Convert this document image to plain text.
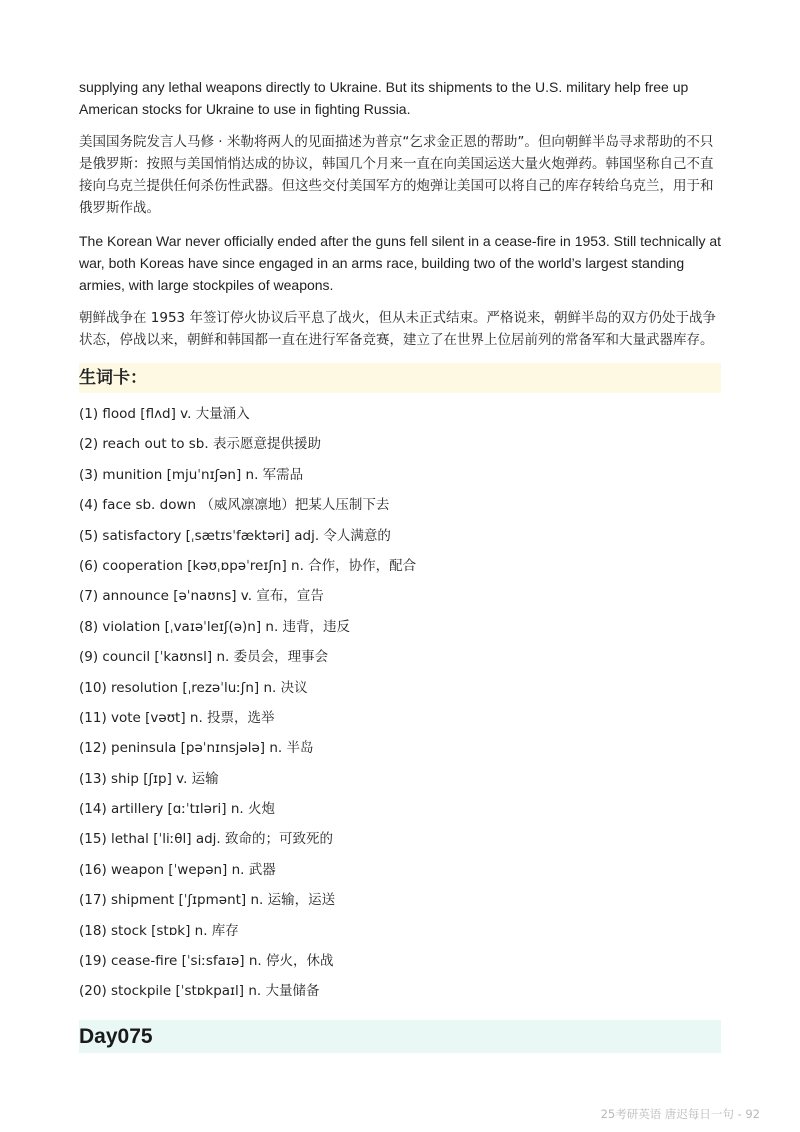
supplying any lethal weapons directly to Ukraine. But its shipments to the U.S. military help free up American stocks for Ukraine to use in fighting Russia.

美国国务院发言人马修 · 米勒将两人的见面描述为普京“乞求金正恩的帮助”。但向朝鲜半岛寻求帮助的不只是俄罗斯：按照与美国悄悄达成的协议，韩国几个月来一直在向美国运送大量火炮弹药。韩国坚称自己不直接向乌克兰提供任何杀伤性武器。但这些交付美国军方的炮弹让美国可以将自己的库存转给乌克兰，用于和俄罗斯作战。

The Korean War never officially ended after the guns fell silent in a cease-fire in 1953. Still technically at war, both Koreas have since engaged in an arms race, building two of the world’s largest standing armies, with large stockpiles of weapons.

朝鲜战争在 1953 年签订停火协议后平息了战火，但从未正式结束。严格说来，朝鲜半岛的双方仍处于战争状态，停战以来，朝鲜和韩国都一直在进行军备竞赛，建立了在世界上位居前列的常备军和大量武器库存。

生词卡：
(1) flood [flʌd] v. 大量涌入
(2) reach out to sb. 表示愿意提供援助
(3) munition [mjuˈnɪʃən] n. 军需品
(4) face sb. down （威风凛凛地）把某人压制下去
(5) satisfactory [ˌsætɪsˈfæktəri] adj. 令人满意的
(6) cooperation [kəʊˌɒpəˈreɪʃn] n. 合作，协作，配合
(7) announce [əˈnaʊns] v. 宣布，宣告
(8) violation [ˌvaɪəˈleɪʃ(ə)n] n. 违背，违反
(9) council [ˈkaʊnsl] n. 委员会，理事会
(10) resolution [ˌrezəˈluːʃn] n. 决议
(11) vote [vəʊt] n. 投票，选举
(12) peninsula [pəˈnɪnsjələ] n. 半岛
(13) ship [ʃɪp] v. 运输
(14) artillery [ɑːˈtɪləri] n. 火炮
(15) lethal [ˈliːθl] adj. 致命的；可致死的
(16) weapon [ˈwepən] n. 武器
(17) shipment [ˈʃɪpmənt] n. 运输，运送
(18) stock [stɒk] n. 库存
(19) cease-fire [ˈsiːsfaɪə] n. 停火，休战
(20) stockpile [ˈstɒkpaɪl] n. 大量储备
Day075
25考研英语 唐迟每日一句 - 92
